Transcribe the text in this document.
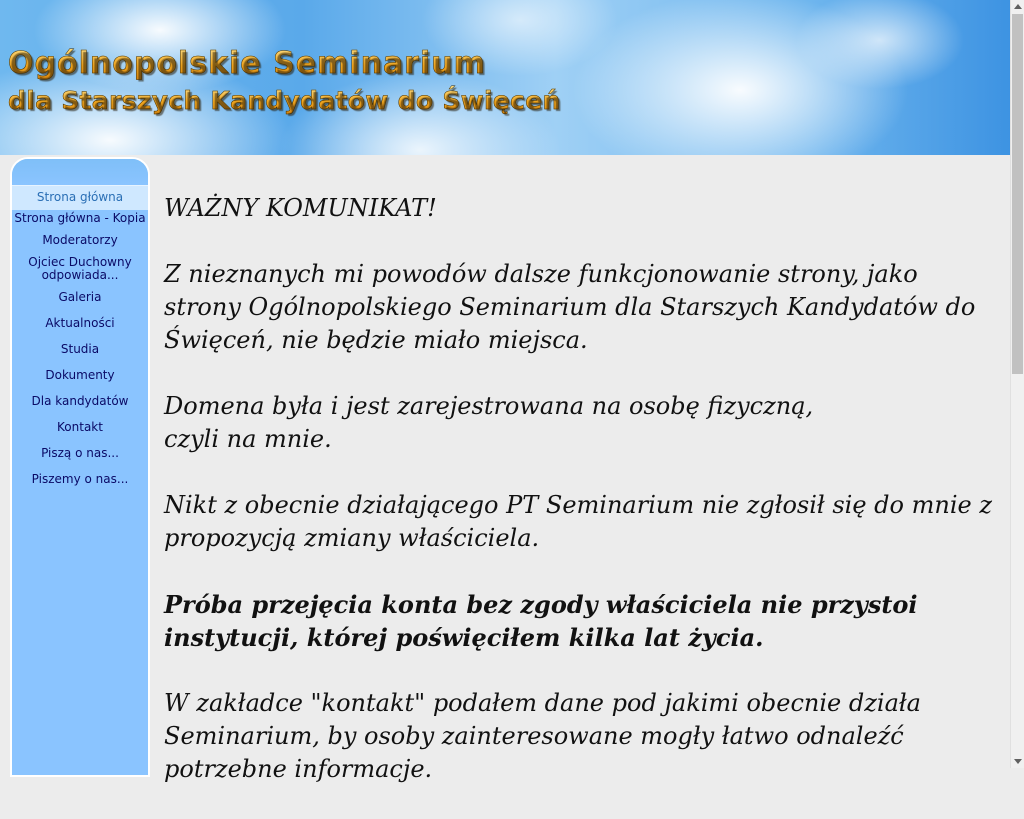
Ogólnopolskie Seminarium
dla Starszych Kandydatów do Święceń
Strona główna
Strona główna - Kopia
Moderatorzy
Ojciec Duchowny odpowiada...
Galeria
Aktualności
Studia
Dokumenty
Dla kandydatów
Kontakt
Piszą o nas...
Piszemy o nas...

WAŻNY KOMUNIKAT!

Z nieznanych mi powodów dalsze funkcjonowanie strony, jako strony Ogólnopolskiego Seminarium dla Starszych Kandydatów do Święceń, nie będzie miało miejsca.

Domena była i jest zarejestrowana na osobę fizyczną,
czyli na mnie.

Nikt z obecnie działającego PT Seminarium nie zgłosił się do mnie z propozycją zmiany właściciela.

Próba przejęcia konta bez zgody właściciela nie przystoi instytucji, której poświęciłem kilka lat życia.

W zakładce "kontakt" podałem dane pod jakimi obecnie działa Seminarium, by osoby zainteresowane mogły łatwo odnaleźć potrzebne informacje.
